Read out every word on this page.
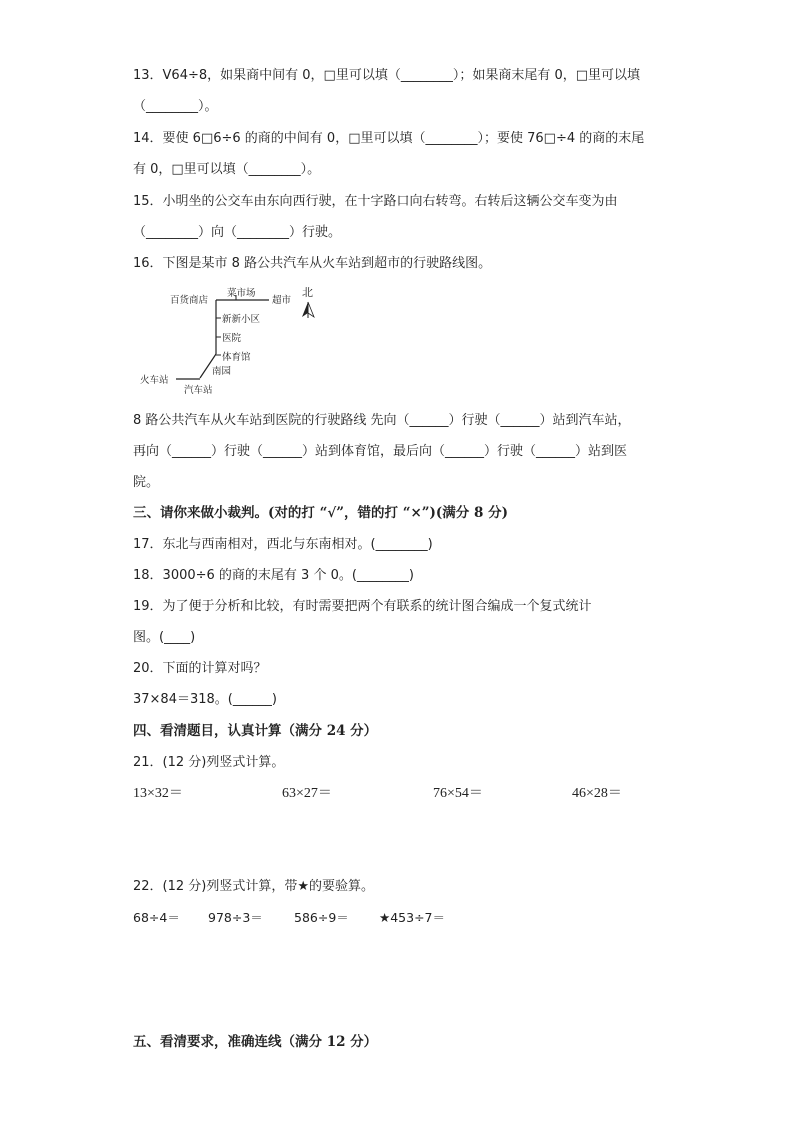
13．V64÷8，如果商中间有 0，□里可以填（________）；如果商末尾有 0，□里可以填
（________）。
14．要使 6□6÷6 的商的中间有 0，□里可以填（________）；要使 76□÷4 的商的末尾
有 0，□里可以填（________）。
15．小明坐的公交车由东向西行驶，在十字路口向右转弯。右转后这辆公交车变为由
（________）向（________）行驶。
16．下图是某市 8 路公共汽车从火车站到超市的行驶路线图。
百货商店
菜市场
超市
新新小区
医院
体育馆
南园
火车站
汽车站
北
8 路公共汽车从火车站到医院的行驶路线 先向（______）行驶（______）站到汽车站，
再向（______）行驶（______）站到体育馆，最后向（______）行驶（______）站到医
院。
三、请你来做小裁判。(对的打 “√”，错的打 “×”)(满分 8 分)
17．东北与西南相对，西北与东南相对。(________)
18．3000÷6 的商的末尾有 3 个 0。(________)
19．为了便于分析和比较，有时需要把两个有联系的统计图合编成一个复式统计
图。(____)
20．下面的计算对吗？
37×84＝318。(______)
四、看清题目，认真计算（满分 24 分）
21．(12 分)列竖式计算。
13×32＝	63×27＝	76×54＝	46×28＝
22．(12 分)列竖式计算，带★的要验算。
68÷4＝ 978÷3＝ 586÷9＝ ★453÷7＝
五、看清要求，准确连线（满分 12 分）
